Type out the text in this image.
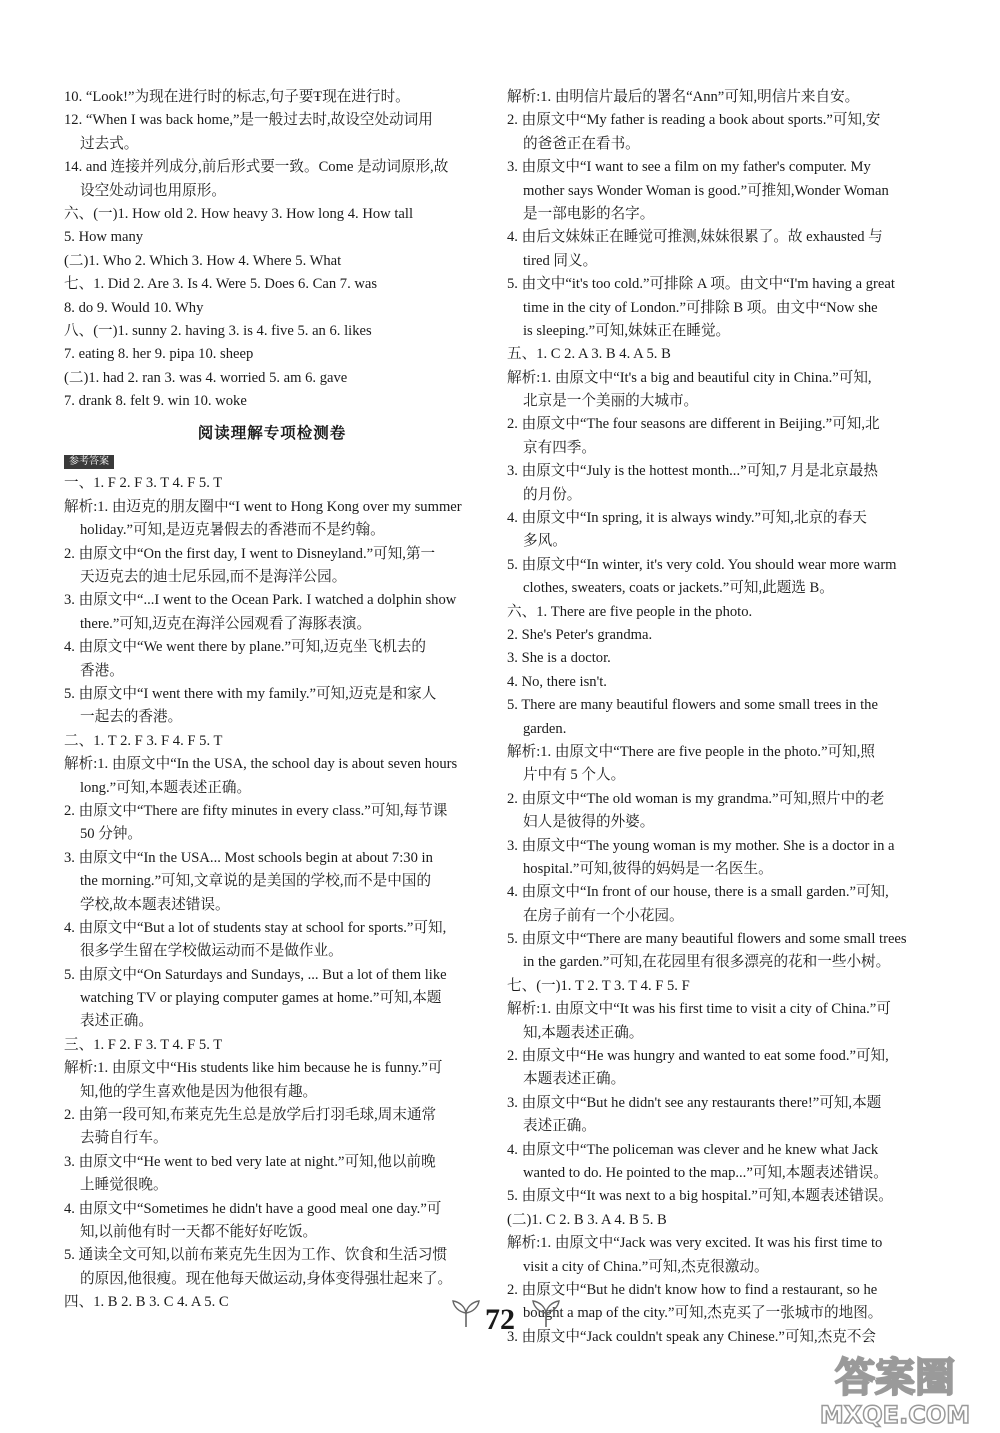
10. “Look!”为现在进行时的标志,句子要Ŧ现在进行时。
12. “When I was back home,”是一般过去时,故设空处动词用
过去式。
14. and 连接并列成分,前后形式要一致。Come 是动词原形,故
设空处动词也用原形。
六、(一)1. How old 2. How heavy 3. How long 4. How tall
5. How many
(二)1. Who 2. Which 3. How 4. Where 5. What
七、1. Did 2. Are 3. Is 4. Were 5. Does 6. Can 7. was
8. do 9. Would 10. Why
八、(一)1. sunny 2. having 3. is 4. five 5. an 6. likes
7. eating 8. her 9. pipa 10. sheep
(二)1. had 2. ran 3. was 4. worried 5. am 6. gave
7. drank 8. felt 9. win 10. woke
阅读理解专项检测卷
参考答案
一、1. F 2. F 3. T 4. F 5. T
解析:1. 由迈克的朋友圈中“I went to Hong Kong over my summer
holiday.”可知,是迈克暑假去的香港而不是约翰。
2. 由原文中“On the first day, I went to Disneyland.”可知,第一
天迈克去的迪士尼乐园,而不是海洋公园。
3. 由原文中“...I went to the Ocean Park. I watched a dolphin show
there.”可知,迈克在海洋公园观看了海豚表演。
4. 由原文中“We went there by plane.”可知,迈克坐飞机去的
香港。
5. 由原文中“I went there with my family.”可知,迈克是和家人
一起去的香港。
二、1. T 2. F 3. F 4. F 5. T
解析:1. 由原文中“In the USA, the school day is about seven hours
long.”可知,本题表述正确。
2. 由原文中“There are fifty minutes in every class.”可知,每节课
50 分钟。
3. 由原文中“In the USA... Most schools begin at about 7:30 in
the morning.”可知,文章说的是美国的学校,而不是中国的
学校,故本题表述错误。
4. 由原文中“But a lot of students stay at school for sports.”可知,
很多学生留在学校做运动而不是做作业。
5. 由原文中“On Saturdays and Sundays, ... But a lot of them like
watching TV or playing computer games at home.”可知,本题
表述正确。
三、1. F 2. F 3. T 4. F 5. T
解析:1. 由原文中“His students like him because he is funny.”可
知,他的学生喜欢他是因为他很有趣。
2. 由第一段可知,布莱克先生总是放学后打羽毛球,周末通常
去骑自行车。
3. 由原文中“He went to bed very late at night.”可知,他以前晚
上睡觉很晚。
4. 由原文中“Sometimes he didn't have a good meal one day.”可
知,以前他有时一天都不能好好吃饭。
5. 通读全文可知,以前布莱克先生因为工作、饮食和生活习惯
的原因,他很瘦。现在他每天做运动,身体变得强壮起来了。
四、1. B 2. B 3. C 4. A 5. C
解析:1. 由明信片最后的署名“Ann”可知,明信片来自安。
2. 由原文中“My father is reading a book about sports.”可知,安
的爸爸正在看书。
3. 由原文中“I want to see a film on my father's computer. My
mother says Wonder Woman is good.”可推知,Wonder Woman
是一部电影的名字。
4. 由后文妹妹正在睡觉可推测,妹妹很累了。故 exhausted 与
tired 同义。
5. 由文中“it's too cold.”可排除 A 项。由文中“I'm having a great
time in the city of London.”可排除 B 项。由文中“Now she
is sleeping.”可知,妹妹正在睡觉。
五、1. C 2. A 3. B 4. A 5. B
解析:1. 由原文中“It's a big and beautiful city in China.”可知,
北京是一个美丽的大城市。
2. 由原文中“The four seasons are different in Beijing.”可知,北
京有四季。
3. 由原文中“July is the hottest month...”可知,7 月是北京最热
的月份。
4. 由原文中“In spring, it is always windy.”可知,北京的春天
多风。
5. 由原文中“In winter, it's very cold. You should wear more warm
clothes, sweaters, coats or jackets.”可知,此题选 B。
六、1. There are five people in the photo.
2. She's Peter's grandma.
3. She is a doctor.
4. No, there isn't.
5. There are many beautiful flowers and some small trees in the
garden.
解析:1. 由原文中“There are five people in the photo.”可知,照
片中有 5 个人。
2. 由原文中“The old woman is my grandma.”可知,照片中的老
妇人是彼得的外婆。
3. 由原文中“The young woman is my mother. She is a doctor in a
hospital.”可知,彼得的妈妈是一名医生。
4. 由原文中“In front of our house, there is a small garden.”可知,
在房子前有一个小花园。
5. 由原文中“There are many beautiful flowers and some small trees
in the garden.”可知,在花园里有很多漂亮的花和一些小树。
七、(一)1. T 2. T 3. T 4. F 5. F
解析:1. 由原文中“It was his first time to visit a city of China.”可
知,本题表述正确。
2. 由原文中“He was hungry and wanted to eat some food.”可知,
本题表述正确。
3. 由原文中“But he didn't see any restaurants there!”可知,本题
表述正确。
4. 由原文中“The policeman was clever and he knew what Jack
wanted to do. He pointed to the map...”可知,本题表述错误。
5. 由原文中“It was next to a big hospital.”可知,本题表述错误。
(二)1. C 2. B 3. A 4. B 5. B
解析:1. 由原文中“Jack was very excited. It was his first time to
visit a city of China.”可知,杰克很激动。
2. 由原文中“But he didn't know how to find a restaurant, so he
bought a map of the city.”可知,杰克买了一张城市的地图。
3. 由原文中“Jack couldn't speak any Chinese.”可知,杰克不会
72
答案圈
MXQE.COM
